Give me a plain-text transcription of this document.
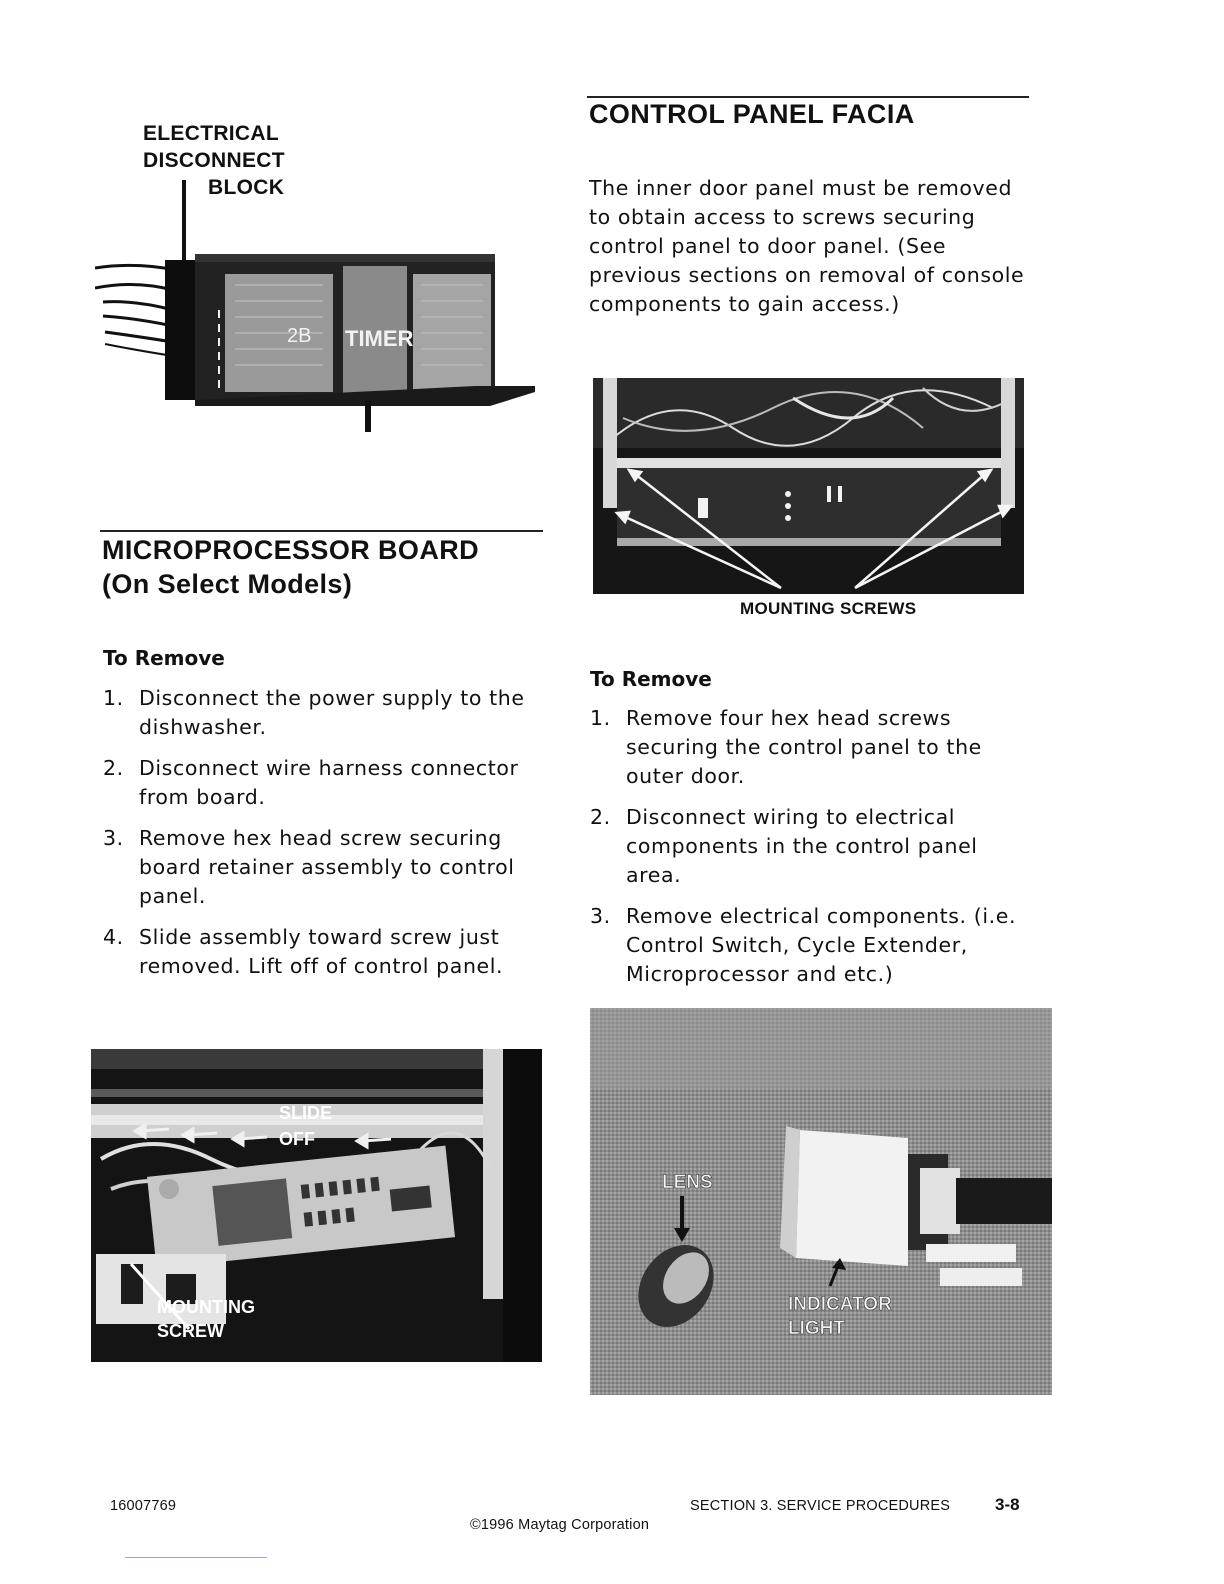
ELECTRICAL
DISCONNECT
BLOCK
2B TIMER
MICROPROCESSOR BOARD
(On Select Models)
To Remove
1. Disconnect the power supply to the dishwasher.
2. Disconnect wire harness connector from board.
3. Remove hex head screw securing board retainer assembly to control panel.
4. Slide assembly toward screw just removed. Lift off of control panel.
SLIDE
OFF
MOUNTING
SCREW
CONTROL PANEL FACIA
The inner door panel must be removed to obtain access to screws securing control panel to door panel. (See previous sections on removal of console components to gain access.)
MOUNTING SCREWS
To Remove
1. Remove four hex head screws securing the control panel to the outer door.
2. Disconnect wiring to electrical components in the control panel area.
3. Remove electrical components. (i.e. Control Switch, Cycle Extender, Microprocessor and etc.)
LENS
INDICATOR
LIGHT
16007769	SECTION 3. SERVICE PROCEDURES	3-8
©1996 Maytag Corporation
